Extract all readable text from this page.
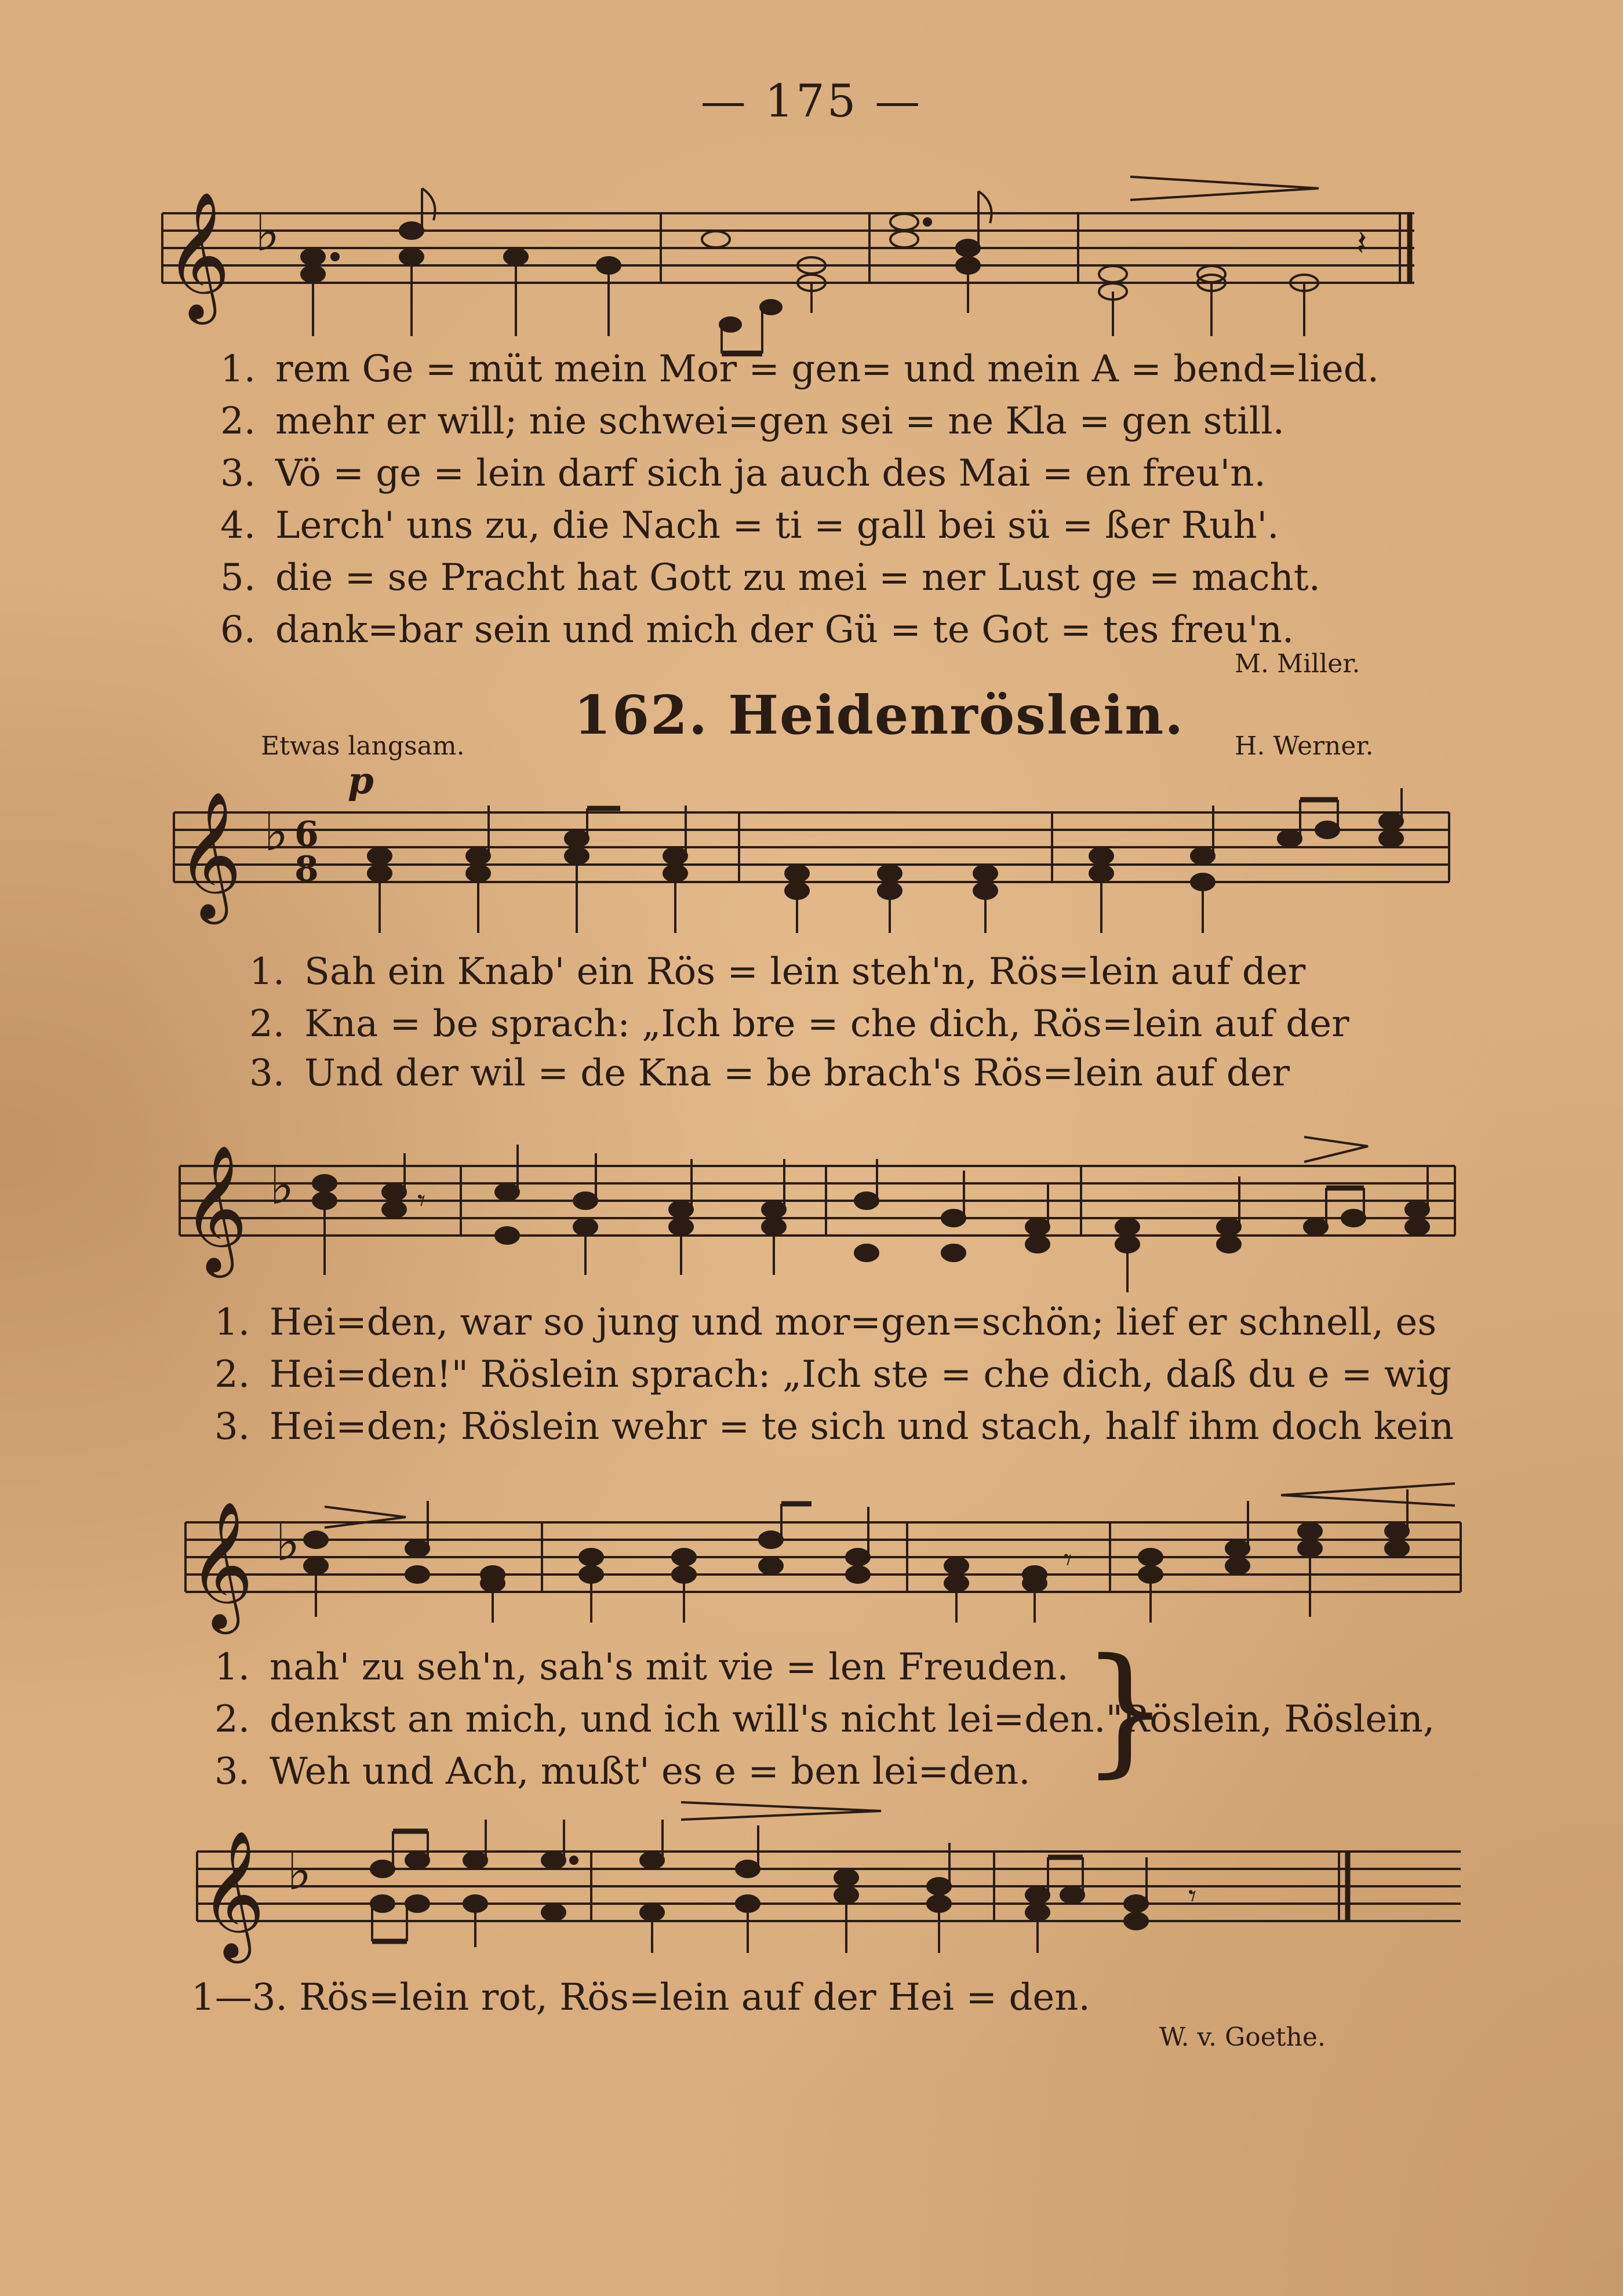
— 175 —
𝄞 ♭	𝄽
𝄞 ♭ 6
8
𝄞 ♭	𝄾
𝄞 ♭	𝄾
𝄞 ♭	𝄾
1. rem Ge = müt mein Mor = gen= und mein A = bend=lied.
2. mehr er will; nie schwei=gen sei = ne Kla = gen still.
3. Vö = ge = lein darf sich ja auch des Mai = en freu'n.
4. Lerch' uns zu, die Nach = ti = gall bei sü = ßer Ruh'.
5. die = se Pracht hat Gott zu mei = ner Lust ge = macht.
6. dank=bar sein und mich der Gü = te Got = tes freu'n.
M. Miller.
162. Heidenröslein.
Etwas langsam.	H. Werner.
p
1. Sah ein Knab' ein Rös = lein steh'n, Rös=lein auf der
2. Kna = be sprach: „Ich bre = che dich, Rös=lein auf der
3. Und der wil = de Kna = be brach's Rös=lein auf der
1. Hei=den, war so jung und mor=gen=schön; lief er schnell, es
2. Hei=den!" Röslein sprach: „Ich ste = che dich, daß du e = wig
3. Hei=den; Röslein wehr = te sich und stach, half ihm doch kein
1. nah' zu seh'n, sah's mit vie = len Freuden.
2. denkst an mich, und ich will's nicht lei=den."
3. Weh und Ach, mußt' es e = ben lei=den. }
Röslein, Röslein,
1—3. Rös=lein rot, Rös=lein auf der Hei = den.
W. v. Goethe.
